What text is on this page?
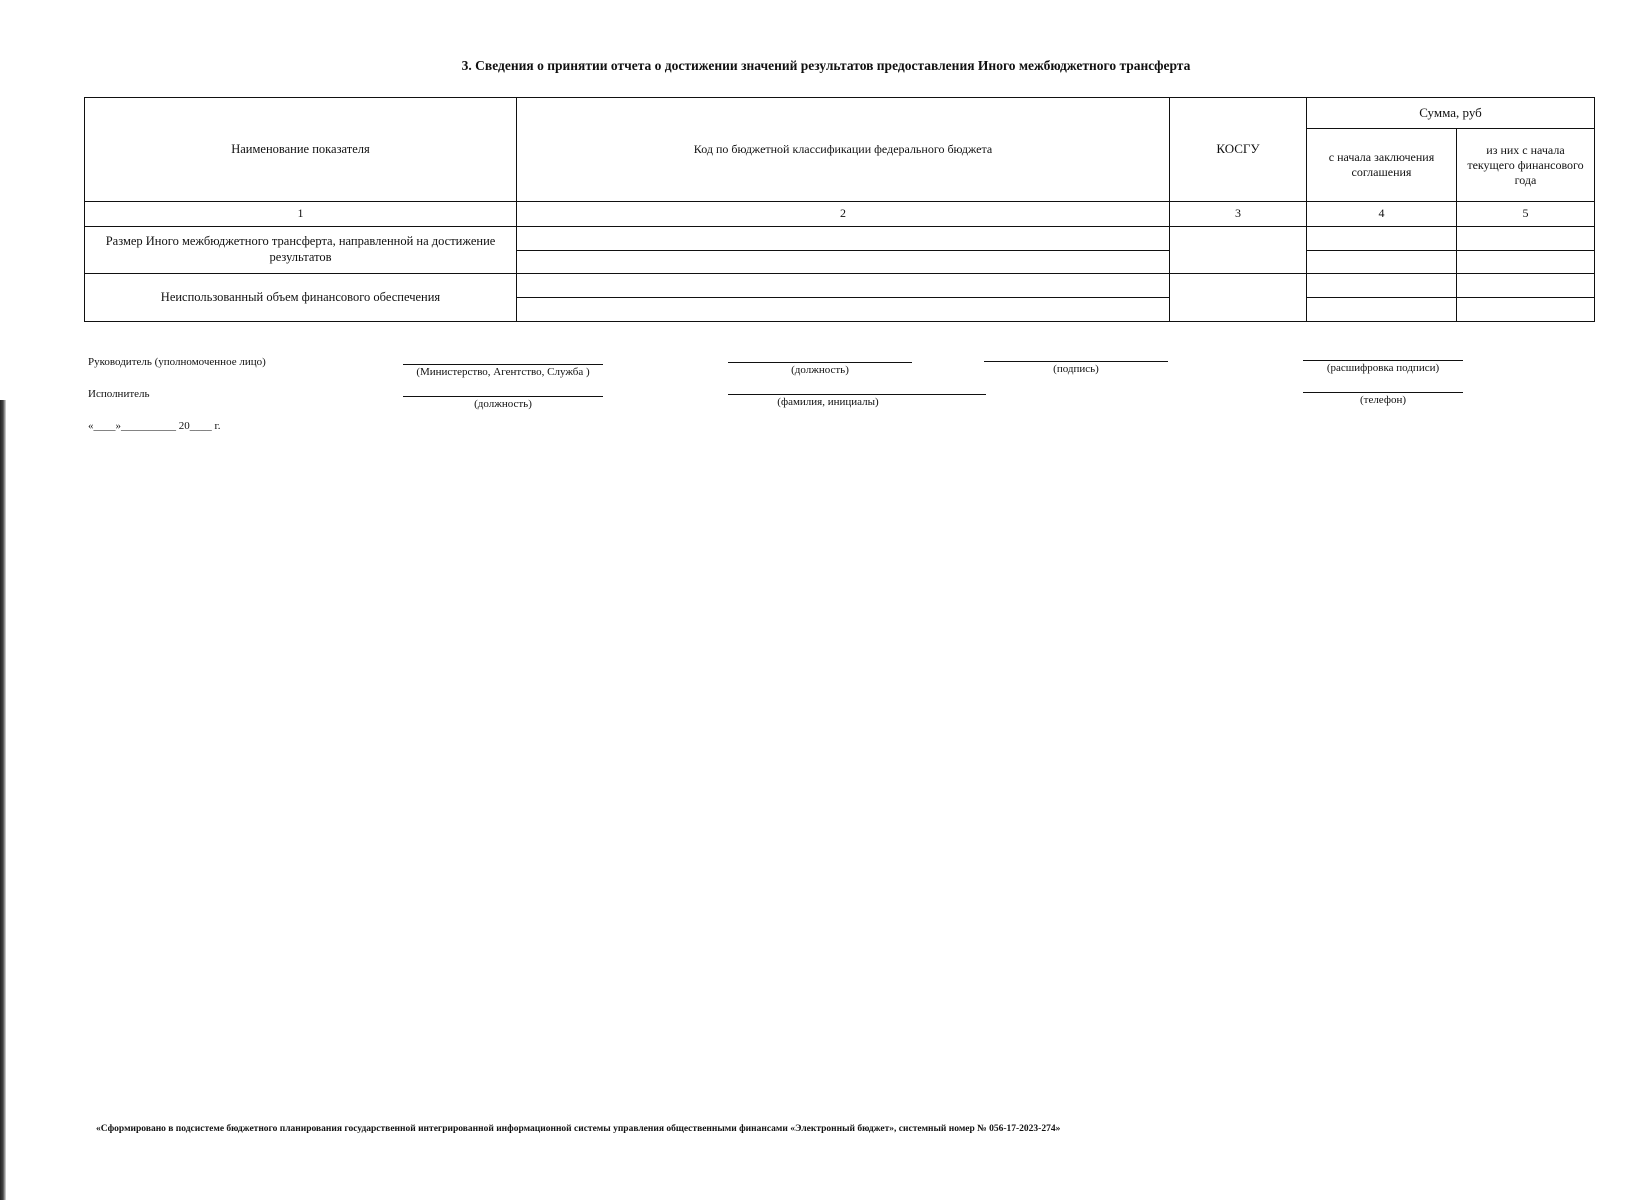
3. Сведения о принятии отчета о достижении значений результатов предоставления Иного межбюджетного трансферта
Наименование показателя	Код по бюджетной классификации федерального бюджета	КОСГУ	Сумма, руб	
			с начала заключения соглашения	из них с начала текущего финансового года
1	2	3	4	5
Размер Иного межбюджетного трансферта, направленной на достижение результатов				

Неиспользованный объем финансового обеспечения				

Руководитель (уполномоченное лицо)
(Министерство, Агентство, Служба )	(должность)	(подпись)	(расшифровка подписи)
Исполнитель
(должность)	(фамилия, инициалы)	(телефон)
«____»__________ 20____ г.
«Сформировано в подсистеме бюджетного планирования государственной интегрированной информационной системы управления общественными финансами «Электронный бюджет», системный номер № 056-17-2023-274»
